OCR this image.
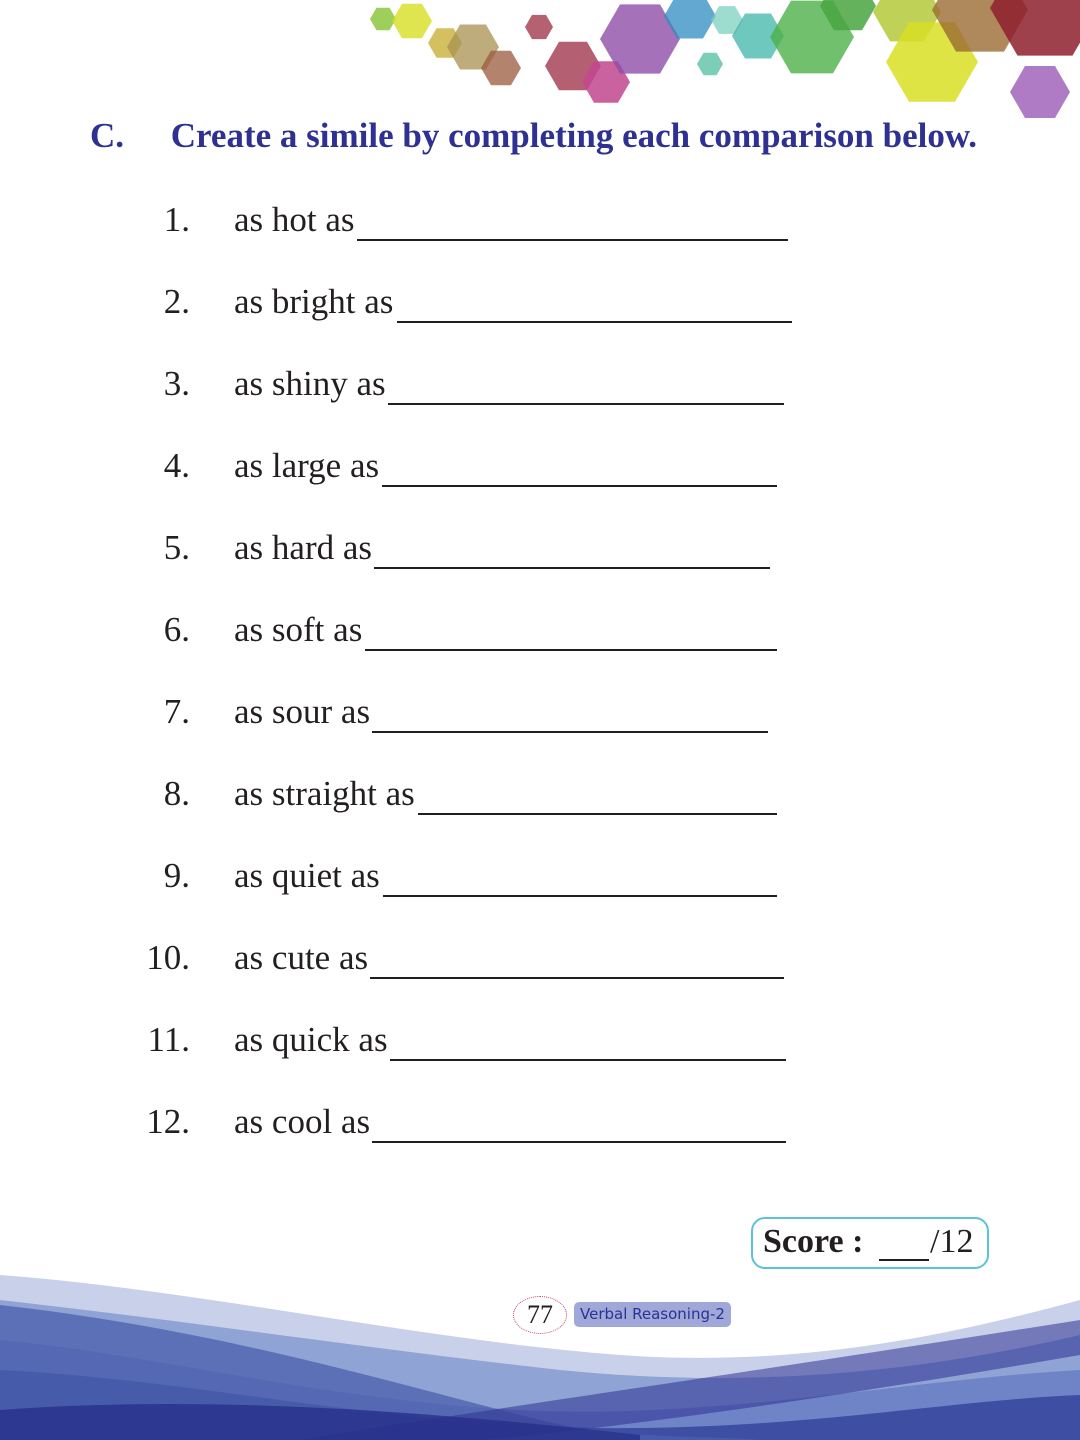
C. Create a simile by completing each comparison below.
1. as hot as
2. as bright as
3. as shiny as
4. as large as
5. as hard as
6. as soft as
7. as sour as
8. as straight as
9. as quiet as
10. as cute as
11. as quick as
12. as cool as
Score : /12
77	Verbal Reasoning-2
